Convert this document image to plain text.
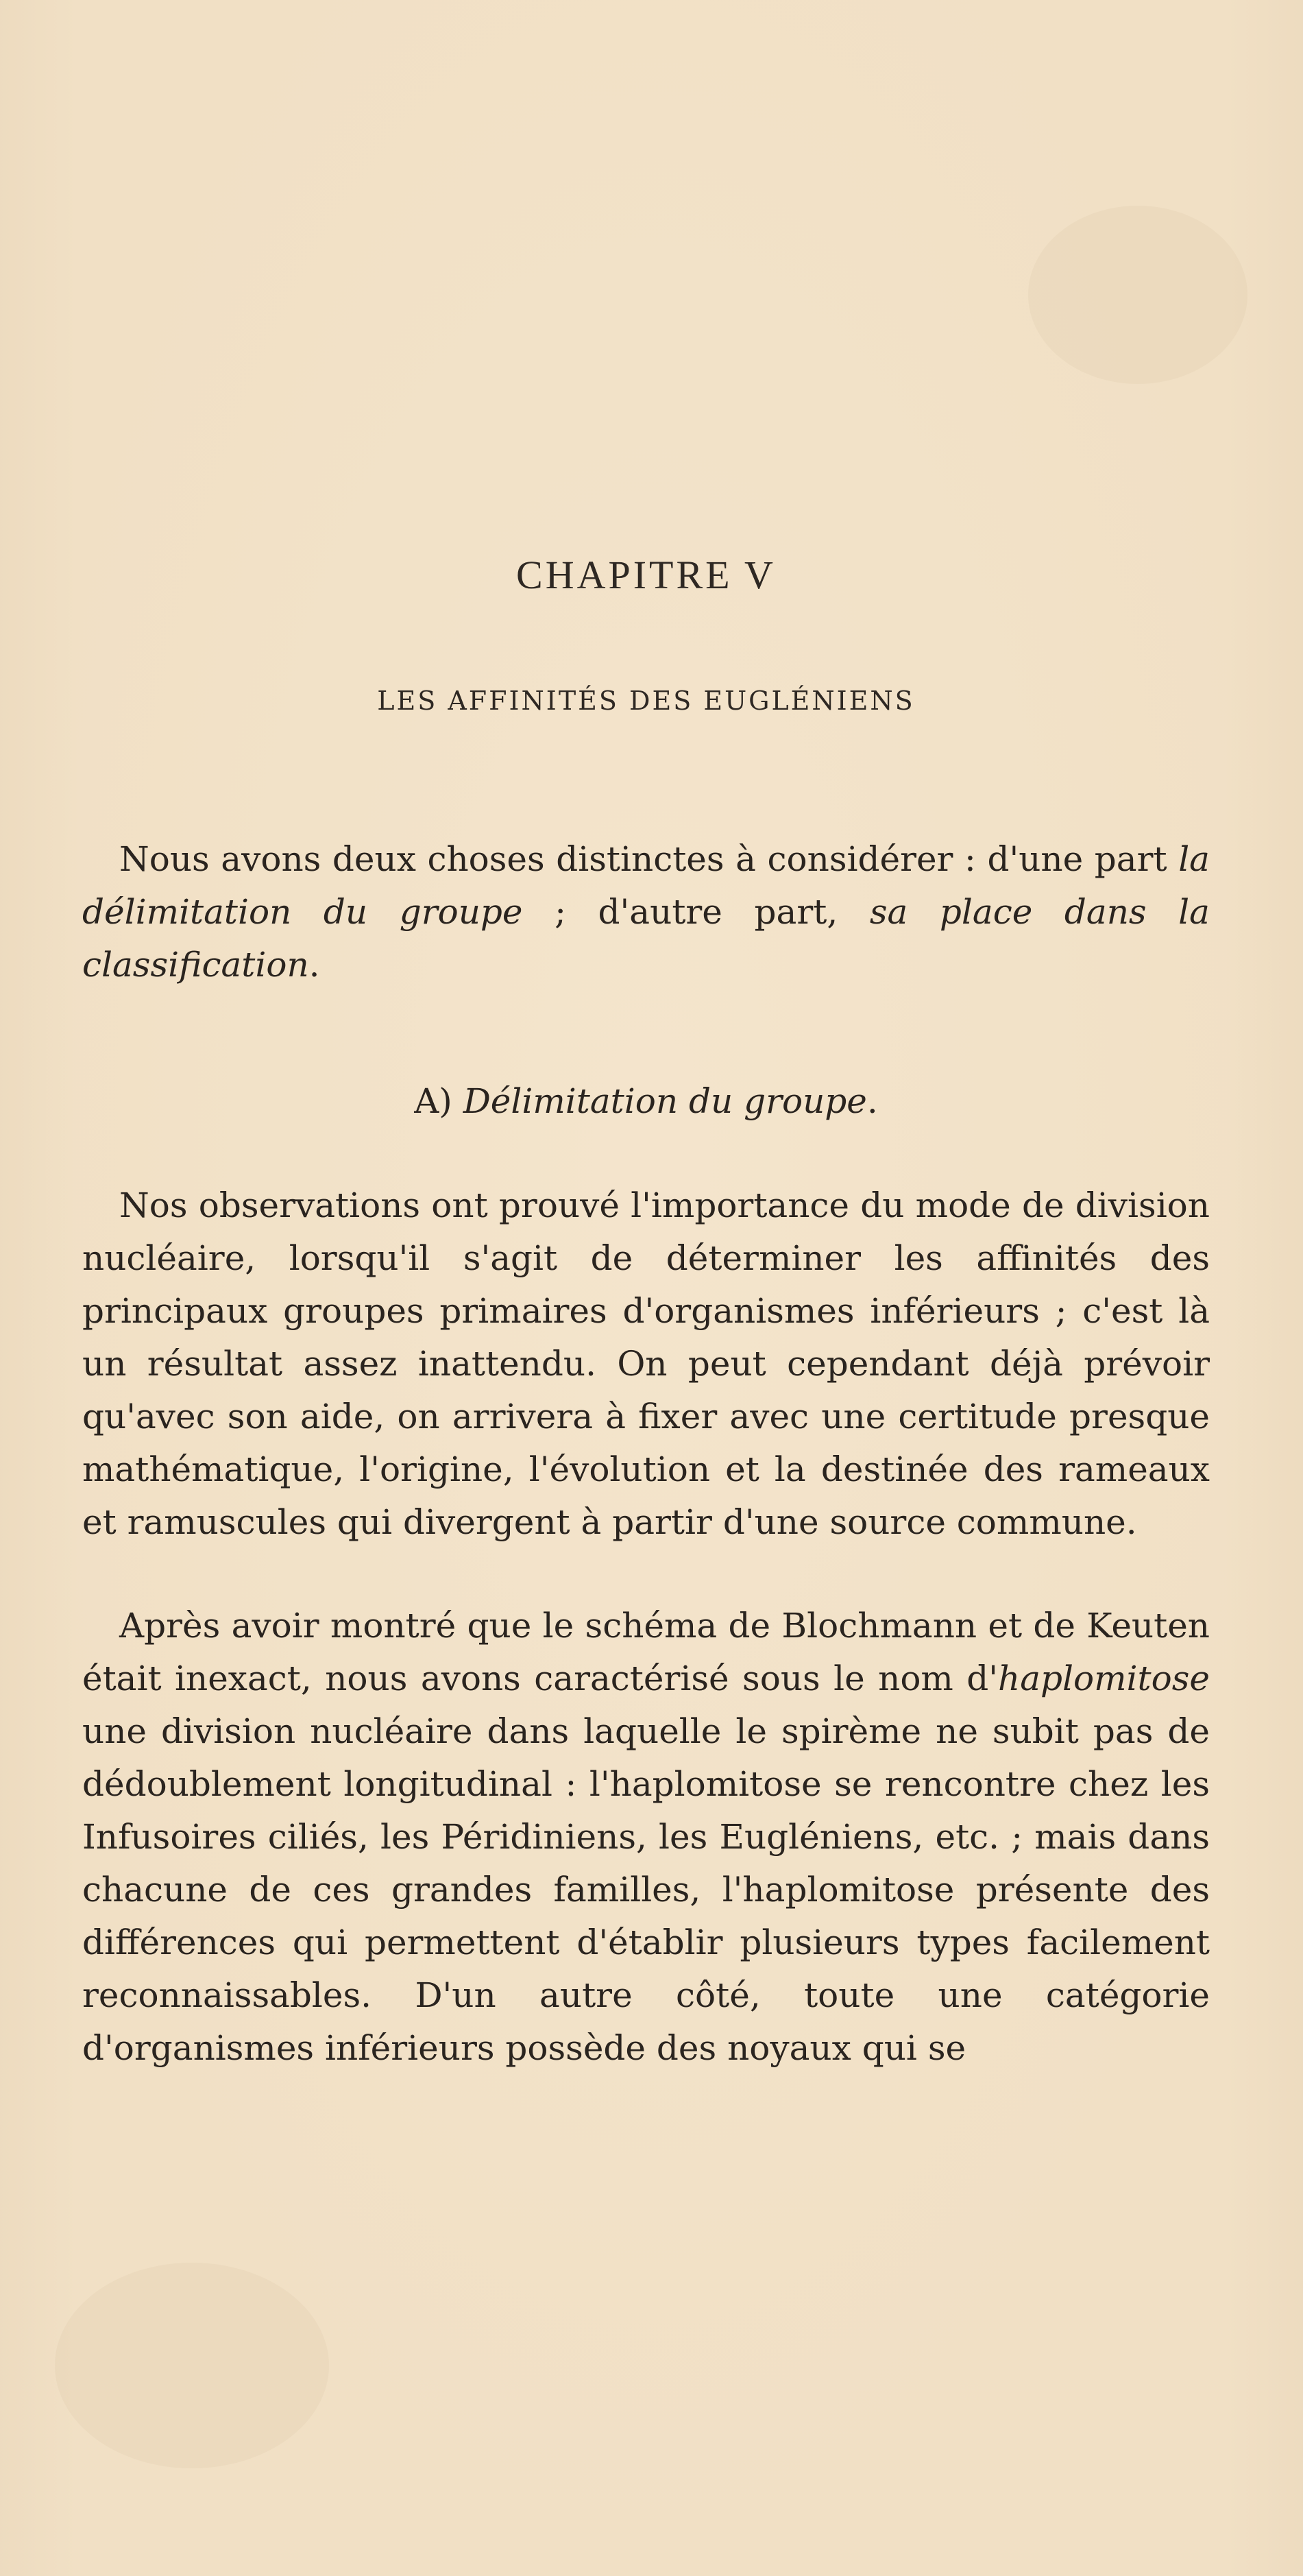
CHAPITRE V
LES AFFINITÉS DES EUGLÉNIENS

Nous avons deux choses distinctes à considérer : d'une part la délimitation du groupe ; d'autre part, sa place dans la classification.

A) Délimitation du groupe.

Nos observations ont prouvé l'importance du mode de division nucléaire, lorsqu'il s'agit de déterminer les affinités des principaux groupes primaires d'organismes inférieurs ; c'est là un résultat assez inattendu. On peut cependant déjà prévoir qu'avec son aide, on arrivera à fixer avec une certitude presque mathématique, l'origine, l'évolution et la destinée des rameaux et ramuscules qui divergent à partir d'une source commune.

Après avoir montré que le schéma de Blochmann et de Keuten était inexact, nous avons caractérisé sous le nom d'haplomitose une division nucléaire dans laquelle le spirème ne subit pas de dédoublement longitudinal : l'haplomitose se rencontre chez les Infusoires ciliés, les Péridiniens, les Eugléniens, etc. ; mais dans chacune de ces grandes familles, l'haplomitose présente des différences qui permettent d'établir plusieurs types facilement reconnaissables. D'un autre côté, toute une catégorie d'organismes inférieurs possède des noyaux qui se
